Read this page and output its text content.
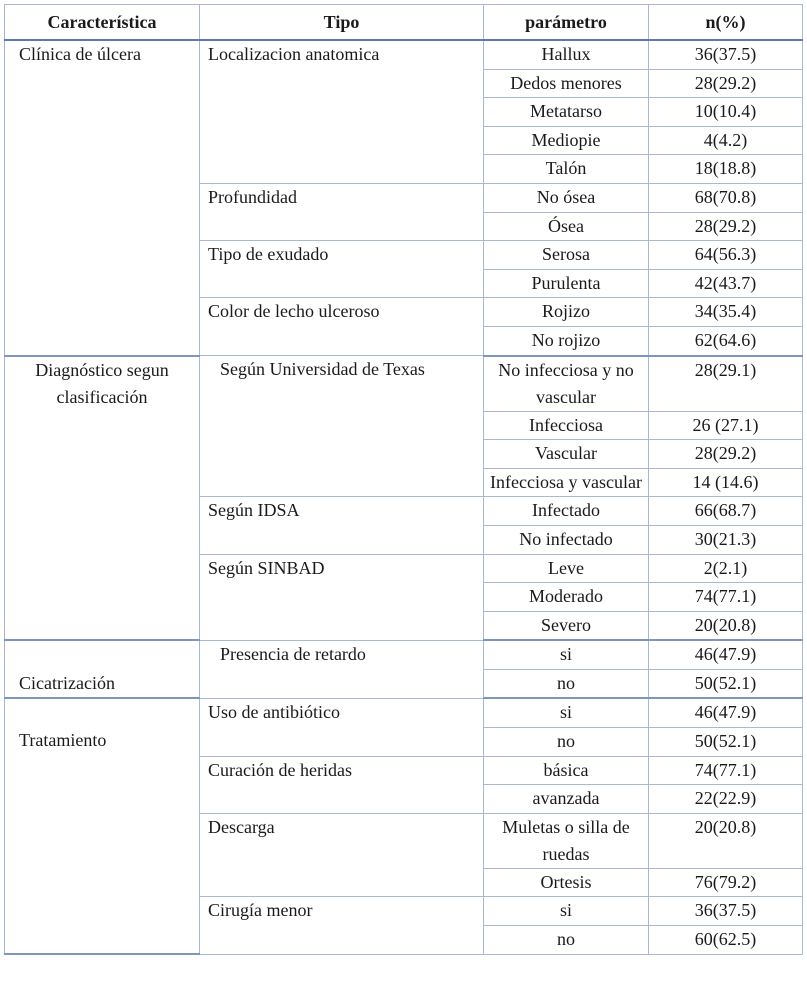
Característica	Tipo	parámetro	n(%)
Clínica de úlcera	Localizacion anatomica	Hallux	36(37.5)
		Dedos menores	28(29.2)
		Metatarso	10(10.4)
		Mediopie	4(4.2)
		Talón	18(18.8)
	Profundidad	No ósea	68(70.8)
		Ósea	28(29.2)
	Tipo de exudado	Serosa	64(56.3)
		Purulenta	42(43.7)
	Color de lecho ulceroso	Rojizo	34(35.4)
		No rojizo	62(64.6)
Diagnóstico segun clasificación	Según Universidad de Texas	No infecciosa y no vascular	28(29.1)
		Infecciosa	26 (27.1)
		Vascular	28(29.2)
		Infecciosa y vascular	14 (14.6)
	Según IDSA	Infectado	66(68.7)
		No infectado	30(21.3)
	Según SINBAD	Leve	2(2.1)
		Moderado	74(77.1)
		Severo	20(20.8)
Cicatrización	Presencia de retardo	si	46(47.9)
		no	50(52.1)
Tratamiento	Uso de antibiótico	si	46(47.9)
		no	50(52.1)
	Curación de heridas	básica	74(77.1)
		avanzada	22(22.9)
	Descarga	Muletas o silla de ruedas	20(20.8)
		Ortesis	76(79.2)
	Cirugía menor	si	36(37.5)
		no	60(62.5)
